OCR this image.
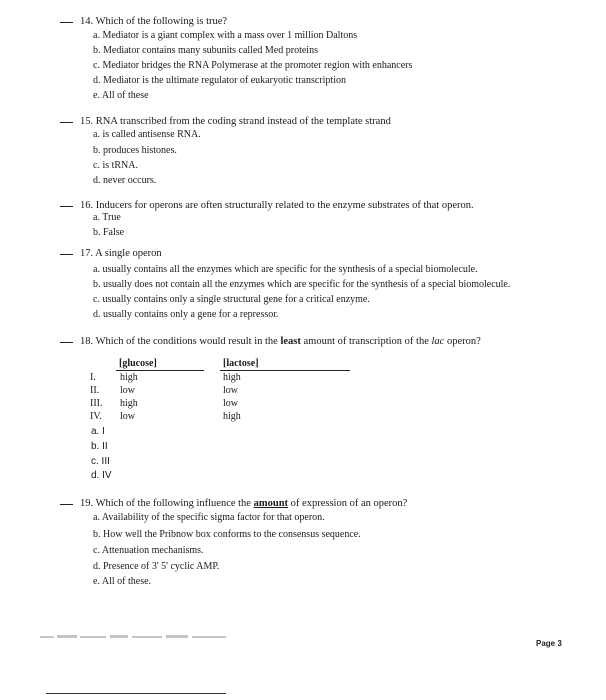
14. Which of the following is true?
a. Mediator is a giant complex with a mass over 1 million Daltons
b. Mediator contains many subunits called Med proteins
c. Mediator bridges the RNA Polymerase at the promoter region with enhancers
d. Mediator is the ultimate regulator of eukaryotic transcription
e. All of these
15. RNA transcribed from the coding strand instead of the template strand
a. is called antisense RNA.
b. produces histones.
c. is tRNA.
d. never occurs.
16. Inducers for operons are often structurally related to the enzyme substrates of that operon.
a. True
b. False
17. A single operon
a. usually contains all the enzymes which are specific for the synthesis of a special biomolecule.
b. usually does not contain all the enzymes which are specific for the synthesis of a special biomolecule.
c. usually contains only a single structural gene for a critical enzyme.
d. usually contains only a gene for a repressor.
18. Which of the conditions would result in the least amount of transcription of the lac operon?
[glucose]	[lactose]
I. high	high
II. low	low
III. high	low
IV. low	high
a. I
b. II
c. III
d. IV
19. Which of the following influence the amount of expression of an operon?
a. Availability of the specific sigma factor for that operon.
b. How well the Pribnow box conforms to the consensus sequence.
c. Attenuation mechanisms.
d. Presence of 3' 5' cyclic AMP.
e. All of these.
Page 3
